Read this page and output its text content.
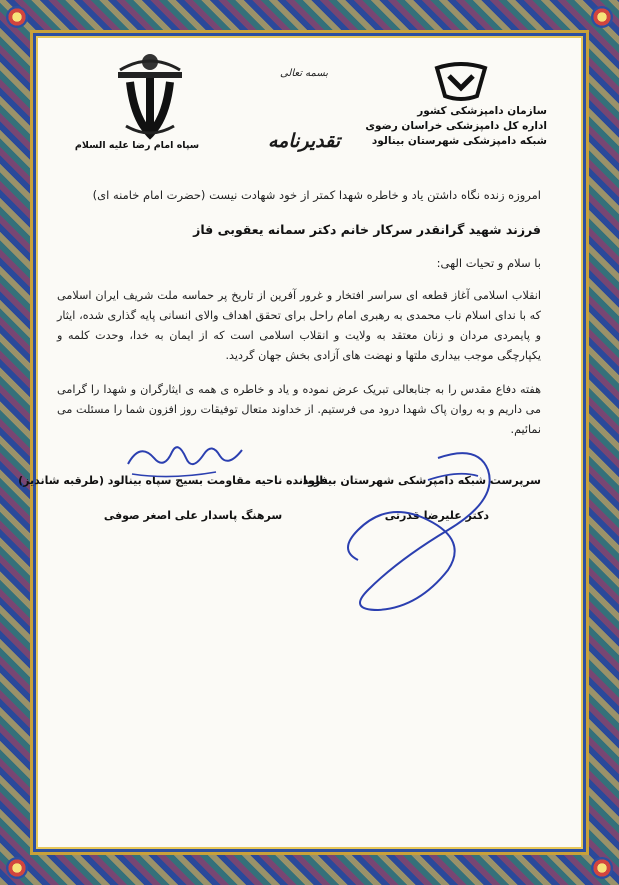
سازمان دامپزشکی کشور
اداره کل دامپزشکی خراسان رضوی
شبکه دامپزشکی شهرستان بینالود
بسمه تعالی
تقدیرنامه
سپاه امام رضا علیه السلام
امروزه زنده نگاه داشتن یاد و خاطره شهدا کمتر از خود شهادت نیست (حضرت امام خامنه ای)
فرزند شهید گرانقدر سرکار خانم دکتر سمانه یعقوبی فاز
با سلام و تحیات الهی:
انقلاب اسلامی آغاز قطعه ای سراسر افتخار و غرور آفرین از تاریخ پر حماسه ملت شریف ایران اسلامی که با ندای اسلام ناب محمدی به رهبری امام راحل برای تحقق اهداف والای انسانی پایه گذاری شده، ایثار و پایمردی مردان و زنان معتقد به ولایت و انقلاب اسلامی است که از ایمان به خدا، وحدت کلمه و یکپارچگی موجب بیداری ملتها و نهضت های آزادی بخش جهان گردید.
هفته دفاع مقدس را به جنابعالی تبریک عرض نموده و یاد و خاطره ی همه ی ایثارگران و شهدا را گرامی می داریم و به روان پاک شهدا درود می فرستیم. از خداوند متعال توفیقات روز افزون شما را مسئلت می نمائیم.
سرپرست شبکه دامپزشکی شهرستان بینالود
دکتر علیرضا قدرتی
فرمانده ناحیه مقاومت بسیج سپاه بینالود (طرقبه شاندیز)
سرهنگ پاسدار علی اصغر صوفی
